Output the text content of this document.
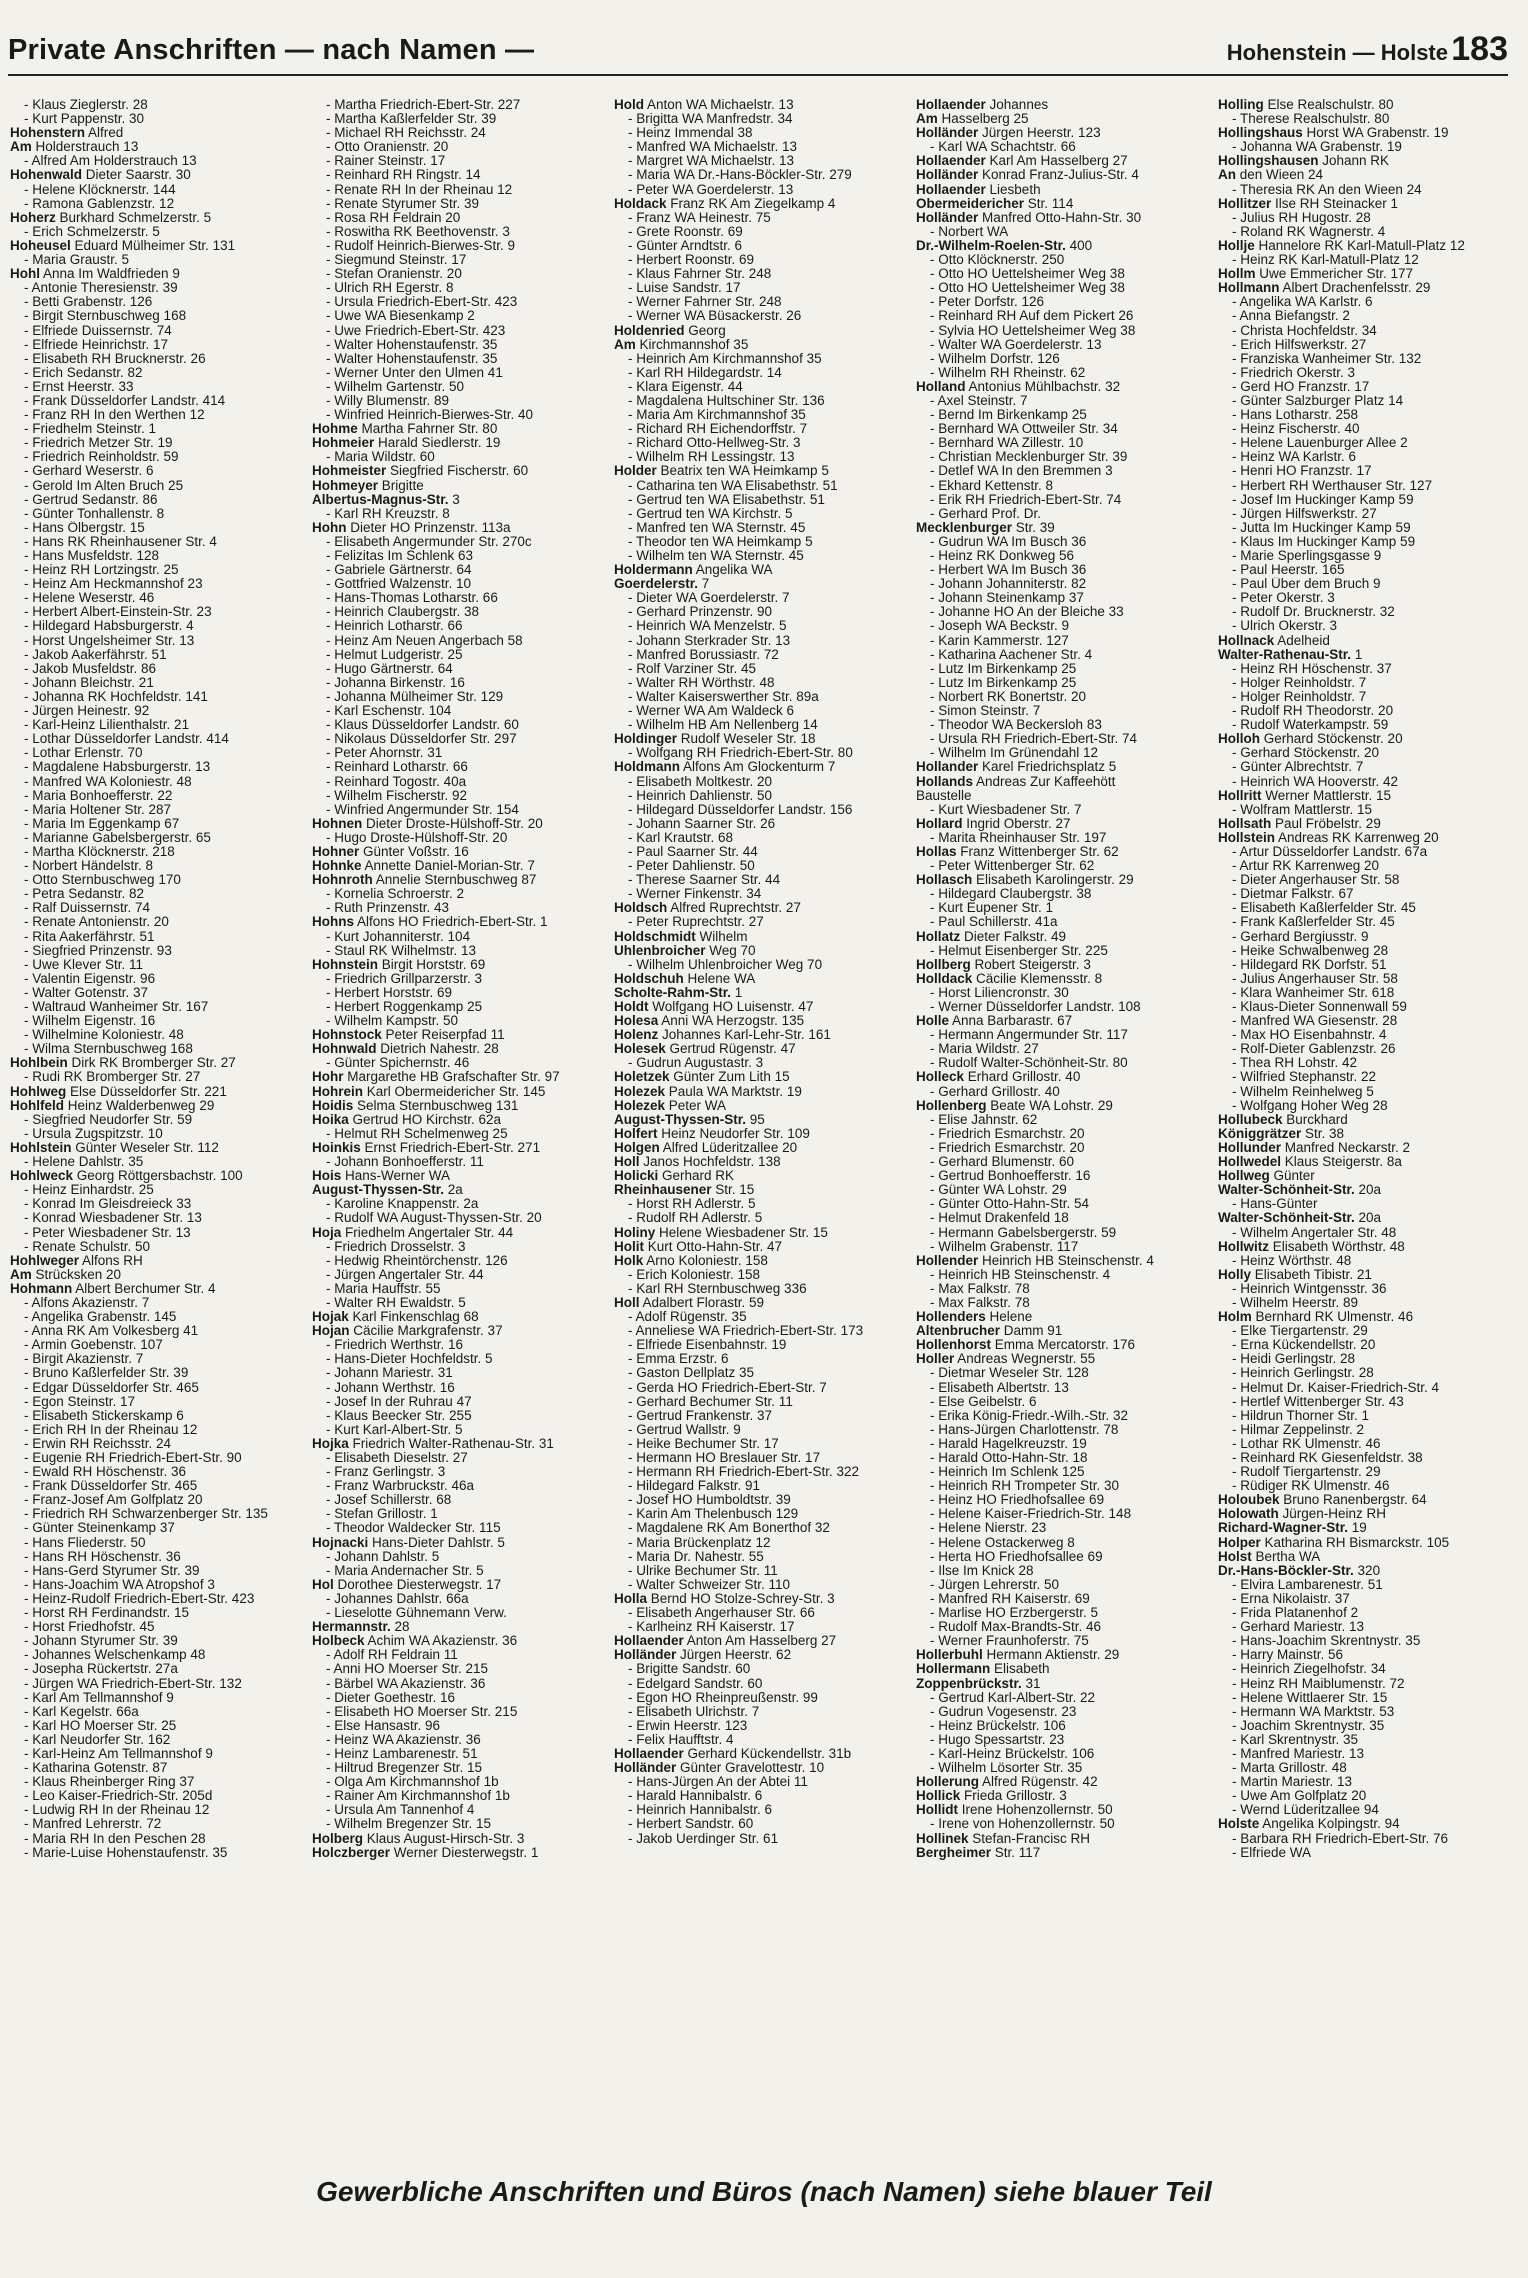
Private Anschriften — nach Namen —	Hohenstein — Holste 183
- Klaus Zieglerstr. 28
- Kurt Pappenstr. 30
Hohenstern Alfred
Am Holderstrauch 13
- Alfred Am Holderstrauch 13
Hohenwald Dieter Saarstr. 30
- Helene Klöcknerstr. 144
- Ramona Gablenzstr. 12
Hoherz Burkhard Schmelzerstr. 5
- Erich Schmelzerstr. 5
Hoheusel Eduard Mülheimer Str. 131
- Maria Graustr. 5
Hohl Anna Im Waldfrieden 9
- Antonie Theresienstr. 39
- Betti Grabenstr. 126
- Birgit Sternbuschweg 168
- Elfriede Duissernstr. 74
- Elfriede Heinrichstr. 17
- Elisabeth RH Brucknerstr. 26
- Erich Sedanstr. 82
- Ernst Heerstr. 33
- Frank Düsseldorfer Landstr. 414
- Franz RH In den Werthen 12
- Friedhelm Steinstr. 1
- Friedrich Metzer Str. 19
- Friedrich Reinholdstr. 59
- Gerhard Weserstr. 6
- Gerold Im Alten Bruch 25
- Gertrud Sedanstr. 86
- Günter Tonhallenstr. 8
- Hans Ölbergstr. 15
- Hans RK Rheinhausener Str. 4
- Hans Musfeldstr. 128
- Heinz RH Lortzingstr. 25
- Heinz Am Heckmannshof 23
- Helene Weserstr. 46
- Herbert Albert-Einstein-Str. 23
- Hildegard Habsburgerstr. 4
- Horst Ungelsheimer Str. 13
- Jakob Aakerfährstr. 51
- Jakob Musfeldstr. 86
- Johann Bleichstr. 21
- Johanna RK Hochfeldstr. 141
- Jürgen Heinestr. 92
- Karl-Heinz Lilienthalstr. 21
- Lothar Düsseldorfer Landstr. 414
- Lothar Erlenstr. 70
- Magdalene Habsburgerstr. 13
- Manfred WA Koloniestr. 48
- Maria Bonhoefferstr. 22
- Maria Holtener Str. 287
- Maria Im Eggenkamp 67
- Marianne Gabelsbergerstr. 65
- Martha Klöcknerstr. 218
- Norbert Händelstr. 8
- Otto Sternbuschweg 170
- Petra Sedanstr. 82
- Ralf Duissernstr. 74
- Renate Antonienstr. 20
- Rita Aakerfährstr. 51
- Siegfried Prinzenstr. 93
- Uwe Klever Str. 11
- Valentin Eigenstr. 96
- Walter Gotenstr. 37
- Waltraud Wanheimer Str. 167
- Wilhelm Eigenstr. 16
- Wilhelmine Koloniestr. 48
- Wilma Sternbuschweg 168
Hohlbein Dirk RK Bromberger Str. 27
- Rudi RK Bromberger Str. 27
Hohlweg Else Düsseldorfer Str. 221
Hohlfeld Heinz Walderbenweg 29
- Siegfried Neudorfer Str. 59
- Ursula Zugspitzstr. 10
Hohlstein Günter Weseler Str. 112
- Helene Dahlstr. 35
Hohlweck Georg Röttgersbachstr. 100
- Heinz Einhardstr. 25
- Konrad Im Gleisdreieck 33
- Konrad Wiesbadener Str. 13
- Peter Wiesbadener Str. 13
- Renate Schulstr. 50
Hohlweger Alfons RH
Am Strücksken 20
Hohmann Albert Berchumer Str. 4
- Alfons Akazienstr. 7
- Angelika Grabenstr. 145
- Anna RK Am Volkesberg 41
- Armin Goebenstr. 107
- Birgit Akazienstr. 7
- Bruno Kaßlerfelder Str. 39
- Edgar Düsseldorfer Str. 465
- Egon Steinstr. 17
- Elisabeth Stickerskamp 6
- Erich RH In der Rheinau 12
- Erwin RH Reichsstr. 24
- Eugenie RH Friedrich-Ebert-Str. 90
- Ewald RH Höschenstr. 36
- Frank Düsseldorfer Str. 465
- Franz-Josef Am Golfplatz 20
- Friedrich RH Schwarzenberger Str. 135
- Günter Steinenkamp 37
- Hans Fliederstr. 50
- Hans RH Höschenstr. 36
- Hans-Gerd Styrumer Str. 39
- Hans-Joachim WA Atropshof 3
- Heinz-Rudolf Friedrich-Ebert-Str. 423
- Horst RH Ferdinandstr. 15
- Horst Friedhofstr. 45
- Johann Styrumer Str. 39
- Johannes Welschenkamp 48
- Josepha Rückertstr. 27a
- Jürgen WA Friedrich-Ebert-Str. 132
- Karl Am Tellmannshof 9
- Karl Kegelstr. 66a
- Karl HO Moerser Str. 25
- Karl Neudorfer Str. 162
- Karl-Heinz Am Tellmannshof 9
- Katharina Gotenstr. 87
- Klaus Rheinberger Ring 37
- Leo Kaiser-Friedrich-Str. 205d
- Ludwig RH In der Rheinau 12
- Manfred Lehrerstr. 72
- Maria RH In den Peschen 28
- Marie-Luise Hohenstaufenstr. 35
- Martha Friedrich-Ebert-Str. 227
- Martha Kaßlerfelder Str. 39
- Michael RH Reichsstr. 24
- Otto Oranienstr. 20
- Rainer Steinstr. 17
- Reinhard RH Ringstr. 14
- Renate RH In der Rheinau 12
- Renate Styrumer Str. 39
- Rosa RH Feldrain 20
- Roswitha RK Beethovenstr. 3
- Rudolf Heinrich-Bierwes-Str. 9
- Siegmund Steinstr. 17
- Stefan Oranienstr. 20
- Ulrich RH Egerstr. 8
- Ursula Friedrich-Ebert-Str. 423
- Uwe WA Biesenkamp 2
- Uwe Friedrich-Ebert-Str. 423
- Walter Hohenstaufenstr. 35
- Walter Hohenstaufenstr. 35
- Werner Unter den Ulmen 41
- Wilhelm Gartenstr. 50
- Willy Blumenstr. 89
- Winfried Heinrich-Bierwes-Str. 40
Hohme Martha Fahrner Str. 80
Hohmeier Harald Siedlerstr. 19
- Maria Wildstr. 60
Hohmeister Siegfried Fischerstr. 60
Hohmeyer Brigitte
Albertus-Magnus-Str. 3
- Karl RH Kreuzstr. 8
Hohn Dieter HO Prinzenstr. 113a
- Elisabeth Angermunder Str. 270c
- Felizitas Im Schlenk 63
- Gabriele Gärtnerstr. 64
- Gottfried Walzenstr. 10
- Hans-Thomas Lotharstr. 66
- Heinrich Claubergstr. 38
- Heinrich Lotharstr. 66
- Heinz Am Neuen Angerbach 58
- Helmut Ludgeristr. 25
- Hugo Gärtnerstr. 64
- Johanna Birkenstr. 16
- Johanna Mülheimer Str. 129
- Karl Eschenstr. 104
- Klaus Düsseldorfer Landstr. 60
- Nikolaus Düsseldorfer Str. 297
- Peter Ahornstr. 31
- Reinhard Lotharstr. 66
- Reinhard Togostr. 40a
- Wilhelm Fischerstr. 92
- Winfried Angermunder Str. 154
Hohnen Dieter Droste-Hülshoff-Str. 20
- Hugo Droste-Hülshoff-Str. 20
Hohner Günter Voßstr. 16
Hohnke Annette Daniel-Morian-Str. 7
Hohnroth Annelie Sternbuschweg 87
- Kornelia Schroerstr. 2
- Ruth Prinzenstr. 43
Hohns Alfons HO Friedrich-Ebert-Str. 1
- Kurt Johanniterstr. 104
- Staul RK Wilhelmstr. 13
Hohnstein Birgit Horststr. 69
- Friedrich Grillparzerstr. 3
- Herbert Horststr. 69
- Herbert Roggenkamp 25
- Wilhelm Kampstr. 50
Hohnstock Peter Reiserpfad 11
Hohnwald Dietrich Nahestr. 28
- Günter Spichernstr. 46
Hohr Margarethe HB Grafschafter Str. 97
Hohrein Karl Obermeidericher Str. 145
Hoidis Selma Sternbuschweg 131
Hoika Gertrud HO Kirchstr. 62a
- Helmut RH Schelmenweg 25
Hoinkis Ernst Friedrich-Ebert-Str. 271
- Johann Bonhoefferstr. 11
Hois Hans-Werner WA
August-Thyssen-Str. 2a
- Karoline Knappenstr. 2a
- Rudolf WA August-Thyssen-Str. 20
Hoja Friedhelm Angertaler Str. 44
- Friedrich Drosselstr. 3
- Hedwig Rheintörchenstr. 126
- Jürgen Angertaler Str. 44
- Maria Hauffstr. 55
- Walter RH Ewaldstr. 5
Hojak Karl Finkenschlag 68
Hojan Cäcilie Markgrafenstr. 37
- Friedrich Werthstr. 16
- Hans-Dieter Hochfeldstr. 5
- Johann Mariestr. 31
- Johann Werthstr. 16
- Josef In der Ruhrau 47
- Klaus Beecker Str. 255
- Kurt Karl-Albert-Str. 5
Hojka Friedrich Walter-Rathenau-Str. 31
- Elisabeth Dieselstr. 27
- Franz Gerlingstr. 3
- Franz Warbruckstr. 46a
- Josef Schillerstr. 68
- Stefan Grillostr. 1
- Theodor Waldecker Str. 115
Hojnacki Hans-Dieter Dahlstr. 5
- Johann Dahlstr. 5
- Maria Andernacher Str. 5
Hol Dorothee Diesterwegstr. 17
- Johannes Dahlstr. 66a
- Lieselotte Gühnemann Verw.
Hermannstr. 28
Holbeck Achim WA Akazienstr. 36
- Adolf RH Feldrain 11
- Anni HO Moerser Str. 215
- Bärbel WA Akazienstr. 36
- Dieter Goethestr. 16
- Elisabeth HO Moerser Str. 215
- Else Hansastr. 96
- Heinz WA Akazienstr. 36
- Heinz Lambarenestr. 51
- Hiltrud Bregenzer Str. 15
- Olga Am Kirchmannshof 1b
- Rainer Am Kirchmannshof 1b
- Ursula Am Tannenhof 4
- Wilhelm Bregenzer Str. 15
Holberg Klaus August-Hirsch-Str. 3
Holczberger Werner Diesterwegstr. 1
Hold Anton WA Michaelstr. 13
- Brigitta WA Manfredstr. 34
- Heinz Immendal 38
- Manfred WA Michaelstr. 13
- Margret WA Michaelstr. 13
- Maria WA Dr.-Hans-Böckler-Str. 279
- Peter WA Goerdelerstr. 13
Holdack Franz RK Am Ziegelkamp 4
- Franz WA Heinestr. 75
- Grete Roonstr. 69
- Günter Arndtstr. 6
- Herbert Roonstr. 69
- Klaus Fahrner Str. 248
- Luise Sandstr. 17
- Werner Fahrner Str. 248
- Werner WA Büsackerstr. 26
Holdenried Georg
Am Kirchmannshof 35
- Heinrich Am Kirchmannshof 35
- Karl RH Hildegardstr. 14
- Klara Eigenstr. 44
- Magdalena Hultschiner Str. 136
- Maria Am Kirchmannshof 35
- Richard RH Eichendorffstr. 7
- Richard Otto-Hellweg-Str. 3
- Wilhelm RH Lessingstr. 13
Holder Beatrix ten WA Heimkamp 5
- Catharina ten WA Elisabethstr. 51
- Gertrud ten WA Elisabethstr. 51
- Gertrud ten WA Kirchstr. 5
- Manfred ten WA Sternstr. 45
- Theodor ten WA Heimkamp 5
- Wilhelm ten WA Sternstr. 45
Holdermann Angelika WA
Goerdelerstr. 7
- Dieter WA Goerdelerstr. 7
- Gerhard Prinzenstr. 90
- Heinrich WA Menzelstr. 5
- Johann Sterkrader Str. 13
- Manfred Borussiastr. 72
- Rolf Varziner Str. 45
- Walter RH Wörthstr. 48
- Walter Kaiserswerther Str. 89a
- Werner WA Am Waldeck 6
- Wilhelm HB Am Nellenberg 14
Holdinger Rudolf Weseler Str. 18
- Wolfgang RH Friedrich-Ebert-Str. 80
Holdmann Alfons Am Glockenturm 7
- Elisabeth Moltkestr. 20
- Heinrich Dahlienstr. 50
- Hildegard Düsseldorfer Landstr. 156
- Johann Saarner Str. 26
- Karl Krautstr. 68
- Paul Saarner Str. 44
- Peter Dahlienstr. 50
- Therese Saarner Str. 44
- Werner Finkenstr. 34
Holdsch Alfred Ruprechtstr. 27
- Peter Ruprechtstr. 27
Holdschmidt Wilhelm
Uhlenbroicher Weg 70
- Wilhelm Uhlenbroicher Weg 70
Holdschuh Helene WA
Scholte-Rahm-Str. 1
Holdt Wolfgang HO Luisenstr. 47
Holesa Anni WA Herzogstr. 135
Holenz Johannes Karl-Lehr-Str. 161
Holesek Gertrud Rügenstr. 47
- Gudrun Augustastr. 3
Holetzek Günter Zum Lith 15
Holezek Paula WA Marktstr. 19
Holezek Peter WA
August-Thyssen-Str. 95
Holfert Heinz Neudorfer Str. 109
Holgen Alfred Lüderitzallee 20
Holl Janos Hochfeldstr. 138
Holicki Gerhard RK
Rheinhausener Str. 15
- Horst RH Adlerstr. 5
- Rudolf RH Adlerstr. 5
Holiny Helene Wiesbadener Str. 15
Holit Kurt Otto-Hahn-Str. 47
Holk Arno Koloniestr. 158
- Erich Koloniestr. 158
- Karl RH Sternbuschweg 336
Holl Adalbert Florastr. 59
- Adolf Rügenstr. 35
- Anneliese WA Friedrich-Ebert-Str. 173
- Elfriede Eisenbahnstr. 19
- Emma Erzstr. 6
- Gaston Dellplatz 35
- Gerda HO Friedrich-Ebert-Str. 7
- Gerhard Bechumer Str. 11
- Gertrud Frankenstr. 37
- Gertrud Wallstr. 9
- Heike Bechumer Str. 17
- Hermann HO Breslauer Str. 17
- Hermann RH Friedrich-Ebert-Str. 322
- Hildegard Falkstr. 91
- Josef HO Humboldtstr. 39
- Karin Am Thelenbusch 129
- Magdalene RK Am Bonerthof 32
- Maria Brückenplatz 12
- Maria Dr. Nahestr. 55
- Ulrike Bechumer Str. 11
- Walter Schweizer Str. 110
Holla Bernd HO Stolze-Schrey-Str. 3
- Elisabeth Angerhauser Str. 66
- Karlheinz RH Kaiserstr. 17
Hollaender Anton Am Hasselberg 27
Holländer Jürgen Heerstr. 62
- Brigitte Sandstr. 60
- Edelgard Sandstr. 60
- Egon HO Rheinpreußenstr. 99
- Elisabeth Ulrichstr. 7
- Erwin Heerstr. 123
- Felix Haufftstr. 4
Hollaender Gerhard Kückendellstr. 31b
Holländer Günter Gravelottestr. 10
- Hans-Jürgen An der Abtei 11
- Harald Hannibalstr. 6
- Heinrich Hannibalstr. 6
- Herbert Sandstr. 60
- Jakob Uerdinger Str. 61
Hollaender Johannes
Am Hasselberg 25
Holländer Jürgen Heerstr. 123
- Karl WA Schachtstr. 66
Hollaender Karl Am Hasselberg 27
Holländer Konrad Franz-Julius-Str. 4
Hollaender Liesbeth
Obermeidericher Str. 114
Holländer Manfred Otto-Hahn-Str. 30
- Norbert WA
Dr.-Wilhelm-Roelen-Str. 400
- Otto Klöcknerstr. 250
- Otto HO Uettelsheimer Weg 38
- Otto HO Uettelsheimer Weg 38
- Peter Dorfstr. 126
- Reinhard RH Auf dem Pickert 26
- Sylvia HO Uettelsheimer Weg 38
- Walter WA Goerdelerstr. 13
- Wilhelm Dorfstr. 126
- Wilhelm RH Rheinstr. 62
Holland Antonius Mühlbachstr. 32
- Axel Steinstr. 7
- Bernd Im Birkenkamp 25
- Bernhard WA Ottweiler Str. 34
- Bernhard WA Zillestr. 10
- Christian Mecklenburger Str. 39
- Detlef WA In den Bremmen 3
- Ekhard Kettenstr. 8
- Erik RH Friedrich-Ebert-Str. 74
- Gerhard Prof. Dr.
Mecklenburger Str. 39
- Gudrun WA Im Busch 36
- Heinz RK Donkweg 56
- Herbert WA Im Busch 36
- Johann Johanniterstr. 82
- Johann Steinenkamp 37
- Johanne HO An der Bleiche 33
- Joseph WA Beckstr. 9
- Karin Kammerstr. 127
- Katharina Aachener Str. 4
- Lutz Im Birkenkamp 25
- Lutz Im Birkenkamp 25
- Norbert RK Bonertstr. 20
- Simon Steinstr. 7
- Theodor WA Beckersloh 83
- Ursula RH Friedrich-Ebert-Str. 74
- Wilhelm Im Grünendahl 12
Hollander Karel Friedrichsplatz 5
Hollands Andreas Zur Kaffeehött
Baustelle
- Kurt Wiesbadener Str. 7
Hollard Ingrid Oberstr. 27
- Marita Rheinhauser Str. 197
Hollas Franz Wittenberger Str. 62
- Peter Wittenberger Str. 62
Hollasch Elisabeth Karolingerstr. 29
- Hildegard Claubergstr. 38
- Kurt Eupener Str. 1
- Paul Schillerstr. 41a
Hollatz Dieter Falkstr. 49
- Helmut Eisenberger Str. 225
Hollberg Robert Steigerstr. 3
Holldack Cäcilie Klemensstr. 8
- Horst Liliencronstr. 30
- Werner Düsseldorfer Landstr. 108
Holle Anna Barbarastr. 67
- Hermann Angermunder Str. 117
- Maria Wildstr. 27
- Rudolf Walter-Schönheit-Str. 80
Holleck Erhard Grillostr. 40
- Gerhard Grillostr. 40
Hollenberg Beate WA Lohstr. 29
- Elise Jahnstr. 62
- Friedrich Esmarchstr. 20
- Friedrich Esmarchstr. 20
- Gerhard Blumenstr. 60
- Gertrud Bonhoefferstr. 16
- Günter WA Lohstr. 29
- Günter Otto-Hahn-Str. 54
- Helmut Drakenfeld 18
- Hermann Gabelsbergerstr. 59
- Wilhelm Grabenstr. 117
Hollender Heinrich HB Steinschenstr. 4
- Heinrich HB Steinschenstr. 4
- Max Falkstr. 78
- Max Falkstr. 78
Hollenders Helene
Altenbrucher Damm 91
Hollenhorst Emma Mercatorstr. 176
Holler Andreas Wegnerstr. 55
- Dietmar Weseler Str. 128
- Elisabeth Albertstr. 13
- Else Geibelstr. 6
- Erika König-Friedr.-Wilh.-Str. 32
- Hans-Jürgen Charlottenstr. 78
- Harald Hagelkreuzstr. 19
- Harald Otto-Hahn-Str. 18
- Heinrich Im Schlenk 125
- Heinrich RH Trompeter Str. 30
- Heinz HO Friedhofsallee 69
- Helene Kaiser-Friedrich-Str. 148
- Helene Nierstr. 23
- Helene Ostackerweg 8
- Herta HO Friedhofsallee 69
- Ilse Im Knick 28
- Jürgen Lehrerstr. 50
- Manfred RH Kaiserstr. 69
- Marlise HO Erzbergerstr. 5
- Rudolf Max-Brandts-Str. 46
- Werner Fraunhoferstr. 75
Hollerbuhl Hermann Aktienstr. 29
Hollermann Elisabeth
Zoppenbrückstr. 31
- Gertrud Karl-Albert-Str. 22
- Gudrun Vogesenstr. 23
- Heinz Brückelstr. 106
- Hugo Spessartstr. 23
- Karl-Heinz Brückelstr. 106
- Wilhelm Lösorter Str. 35
Hollerung Alfred Rügenstr. 42
Hollick Frieda Grillostr. 3
Hollidt Irene Hohenzollernstr. 50
- Irene von Hohenzollernstr. 50
Hollinek Stefan-Francisc RH
Bergheimer Str. 117
Holling Else Realschulstr. 80
- Therese Realschulstr. 80
Hollingshaus Horst WA Grabenstr. 19
- Johanna WA Grabenstr. 19
Hollingshausen Johann RK
An den Wieen 24
- Theresia RK An den Wieen 24
Hollitzer Ilse RH Steinacker 1
- Julius RH Hugostr. 28
- Roland RK Wagnerstr. 4
Hollje Hannelore RK Karl-Matull-Platz 12
- Heinz RK Karl-Matull-Platz 12
Hollm Uwe Emmericher Str. 177
Hollmann Albert Drachenfelsstr. 29
- Angelika WA Karlstr. 6
- Anna Biefangstr. 2
- Christa Hochfeldstr. 34
- Erich Hilfswerkstr. 27
- Franziska Wanheimer Str. 132
- Friedrich Okerstr. 3
- Gerd HO Franzstr. 17
- Günter Salzburger Platz 14
- Hans Lotharstr. 258
- Heinz Fischerstr. 40
- Helene Lauenburger Allee 2
- Heinz WA Karlstr. 6
- Henri HO Franzstr. 17
- Herbert RH Werthauser Str. 127
- Josef Im Huckinger Kamp 59
- Jürgen Hilfswerkstr. 27
- Jutta Im Huckinger Kamp 59
- Klaus Im Huckinger Kamp 59
- Marie Sperlingsgasse 9
- Paul Heerstr. 165
- Paul Über dem Bruch 9
- Peter Okerstr. 3
- Rudolf Dr. Brucknerstr. 32
- Ulrich Okerstr. 3
Hollnack Adelheid
Walter-Rathenau-Str. 1
- Heinz RH Höschenstr. 37
- Holger Reinholdstr. 7
- Holger Reinholdstr. 7
- Rudolf RH Theodorstr. 20
- Rudolf Waterkampstr. 59
Holloh Gerhard Stöckenstr. 20
- Gerhard Stöckenstr. 20
- Günter Albrechtstr. 7
- Heinrich WA Hooverstr. 42
Hollritt Werner Mattlerstr. 15
- Wolfram Mattlerstr. 15
Hollsath Paul Fröbelstr. 29
Hollstein Andreas RK Karrenweg 20
- Artur Düsseldorfer Landstr. 67a
- Artur RK Karrenweg 20
- Dieter Angerhauser Str. 58
- Dietmar Falkstr. 67
- Elisabeth Kaßlerfelder Str. 45
- Frank Kaßlerfelder Str. 45
- Gerhard Bergiusstr. 9
- Heike Schwalbenweg 28
- Hildegard RK Dorfstr. 51
- Julius Angerhauser Str. 58
- Klara Wanheimer Str. 618
- Klaus-Dieter Sonnenwall 59
- Manfred WA Giesenstr. 28
- Max HO Eisenbahnstr. 4
- Rolf-Dieter Gablenzstr. 26
- Thea RH Lohstr. 42
- Wilfried Stephanstr. 22
- Wilhelm Reinhelweg 5
- Wolfgang Hoher Weg 28
Hollubeck Burckhard
Königgrätzer Str. 38
Hollunder Manfred Neckarstr. 2
Hollwedel Klaus Steigerstr. 8a
Hollweg Günter
Walter-Schönheit-Str. 20a
- Hans-Günter
Walter-Schönheit-Str. 20a
- Wilhelm Angertaler Str. 48
Hollwitz Elisabeth Wörthstr. 48
- Heinz Wörthstr. 48
Holly Elisabeth Tibistr. 21
- Heinrich Wintgensstr. 36
- Wilhelm Heerstr. 89
Holm Bernhard RK Ulmenstr. 46
- Elke Tiergartenstr. 29
- Erna Kückendellstr. 20
- Heidi Gerlingstr. 28
- Heinrich Gerlingstr. 28
- Helmut Dr. Kaiser-Friedrich-Str. 4
- Hertlef Wittenberger Str. 43
- Hildrun Thorner Str. 1
- Hilmar Zeppelinstr. 2
- Lothar RK Ulmenstr. 46
- Reinhard RK Giesenfeldstr. 38
- Rudolf Tiergartenstr. 29
- Rüdiger RK Ulmenstr. 46
Holoubek Bruno Ranenbergstr. 64
Holowath Jürgen-Heinz RH
Richard-Wagner-Str. 19
Holper Katharina RH Bismarckstr. 105
Holst Bertha WA
Dr.-Hans-Böckler-Str. 320
- Elvira Lambarenestr. 51
- Erna Nikolaistr. 37
- Frida Platanenhof 2
- Gerhard Mariestr. 13
- Hans-Joachim Skrentnystr. 35
- Harry Mainstr. 56
- Heinrich Ziegelhofstr. 34
- Heinz RH Maiblumenstr. 72
- Helene Wittlaerer Str. 15
- Hermann WA Marktstr. 53
- Joachim Skrentnystr. 35
- Karl Skrentnystr. 35
- Manfred Mariestr. 13
- Marta Grillostr. 48
- Martin Mariestr. 13
- Uwe Am Golfplatz 20
- Wernd Lüderitzallee 94
Holste Angelika Kolpingstr. 94
- Barbara RH Friedrich-Ebert-Str. 76
- Elfriede WA
Gewerbliche Anschriften und Büros (nach Namen) siehe blauer Teil
